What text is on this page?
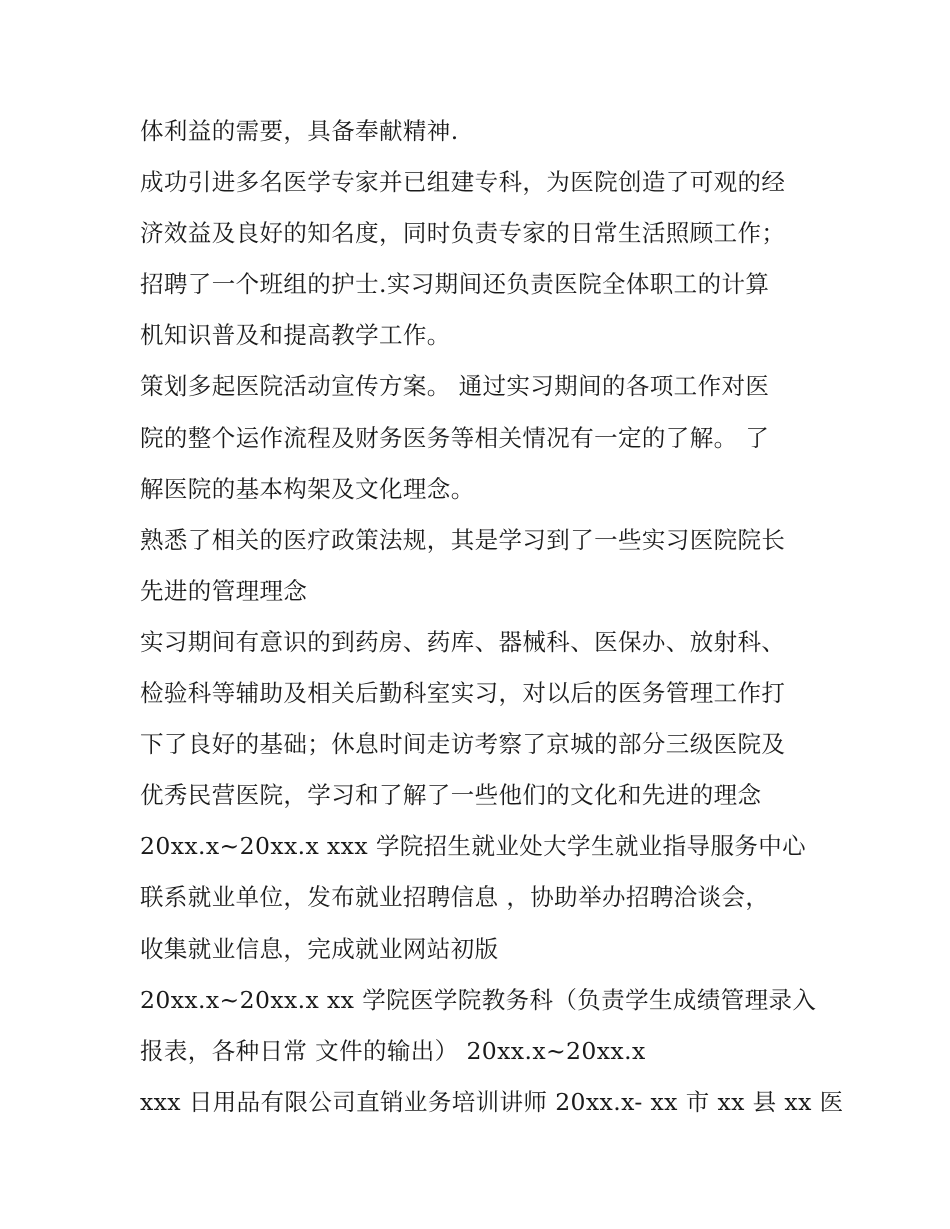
体利益的需要，具备奉献精神.
成功引进多名医学专家并已组建专科，为医院创造了可观的经
济效益及良好的知名度，同时负责专家的日常生活照顾工作；
招聘了一个班组的护士.实习期间还负责医院全体职工的计算
机知识普及和提高教学工作。
策划多起医院活动宣传方案。 通过实习期间的各项工作对医
院的整个运作流程及财务医务等相关情况有一定的了解。 了
解医院的基本构架及文化理念。
熟悉了相关的医疗政策法规，其是学习到了一些实习医院院长
先进的管理理念
实习期间有意识的到药房、药库、器械科、医保办、放射科、
检验科等辅助及相关后勤科室实习，对以后的医务管理工作打
下了良好的基础；休息时间走访考察了京城的部分三级医院及
优秀民营医院，学习和了解了一些他们的文化和先进的理念
20xx.x~20xx.x xxx 学院招生就业处大学生就业指导服务中心
联系就业单位，发布就业招聘信息 ，协助举办招聘洽谈会，
收集就业信息，完成就业网站初版
20xx.x~20xx.x xx 学院医学院教务科（负责学生成绩管理录入
报表，各种日常 文件的输出） 20xx.x~20xx.x
xxx 日用品有限公司直销业务培训讲师 20xx.x- xx 市 xx 县 xx 医
